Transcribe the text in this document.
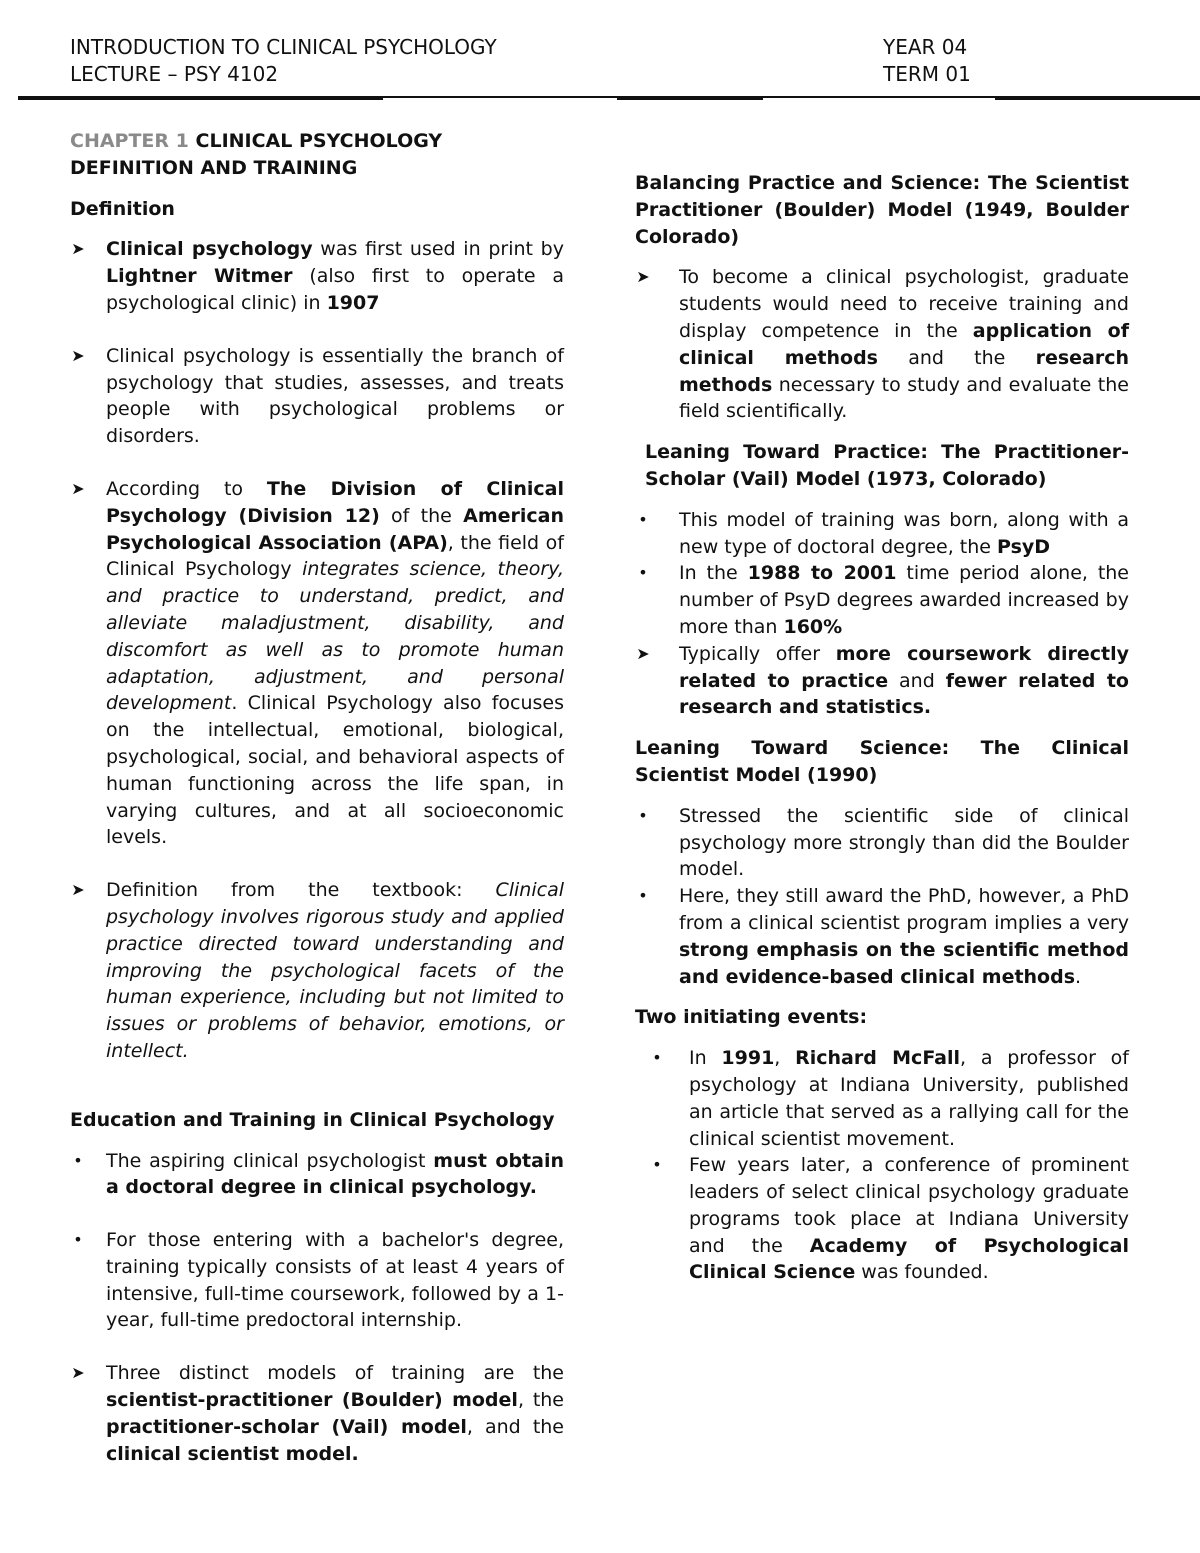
INTRODUCTION TO CLINICAL PSYCHOLOGY
LECTURE – PSY 4102
YEAR 04
TERM 01
CHAPTER 1 CLINICAL PSYCHOLOGY
DEFINITION AND TRAINING
Definition
➤ Clinical psychology was first used in print by Lightner Witmer (also first to operate a psychological clinic) in 1907
➤ Clinical psychology is essentially the branch of psychology that studies, assesses, and treats people with psychological problems or disorders.
➤ According to The Division of Clinical Psychology (Division 12) of the American Psychological Association (APA), the field of Clinical Psychology integrates science, theory, and practice to understand, predict, and alleviate maladjustment, disability, and discomfort as well as to promote human adaptation, adjustment, and personal development. Clinical Psychology also focuses on the intellectual, emotional, biological, psychological, social, and behavioral aspects of human functioning across the life span, in varying cultures, and at all socioeconomic levels.
➤ Definition from the textbook: Clinical psychology involves rigorous study and applied practice directed toward understanding and improving the psychological facets of the human experience, including but not limited to issues or problems of behavior, emotions, or intellect.
Education and Training in Clinical Psychology
• The aspiring clinical psychologist must obtain a doctoral degree in clinical psychology.
• For those entering with a bachelor's degree, training typically consists of at least 4 years of intensive, full-time coursework, followed by a 1-year, full-time predoctoral internship.
➤ Three distinct models of training are the scientist-practitioner (Boulder) model, the practitioner-scholar (Vail) model, and the clinical scientist model.
Balancing Practice and Science: The Scientist Practitioner (Boulder) Model (1949, Boulder Colorado)
➤ To become a clinical psychologist, graduate students would need to receive training and display competence in the application of clinical methods and the research methods necessary to study and evaluate the field scientifically.
Leaning Toward Practice: The Practitioner-Scholar (Vail) Model (1973, Colorado)
• This model of training was born, along with a new type of doctoral degree, the PsyD
• In the 1988 to 2001 time period alone, the number of PsyD degrees awarded increased by more than 160%
➤ Typically offer more coursework directly related to practice and fewer related to research and statistics.
Leaning Toward Science: The Clinical Scientist Model (1990)
• Stressed the scientific side of clinical psychology more strongly than did the Boulder model.
• Here, they still award the PhD, however, a PhD from a clinical scientist program implies a very strong emphasis on the scientific method and evidence-based clinical methods.
Two initiating events:
• In 1991, Richard McFall, a professor of psychology at Indiana University, published an article that served as a rallying call for the clinical scientist movement.
• Few years later, a conference of prominent leaders of select clinical psychology graduate programs took place at Indiana University and the Academy of Psychological Clinical Science was founded.
